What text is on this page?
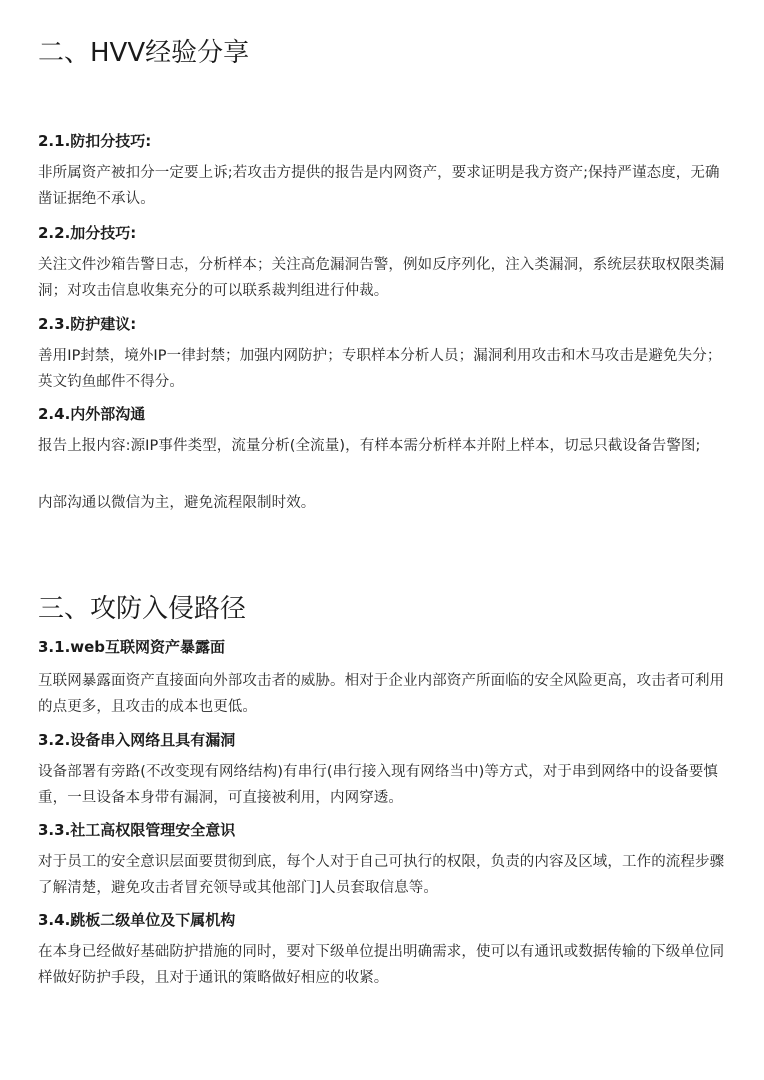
二、HVV经验分享
2.1.防扣分技巧:

非所属资产被扣分一定要上诉;若攻击方提供的报告是内网资产，要求证明是我方资产;保持严谨态度，无确凿证据绝不承认。

2.2.加分技巧:

关注文件沙箱告警日志，分析样本；关注高危漏洞告警，例如反序列化，注入类漏洞，系统层获取权限类漏洞；对攻击信息收集充分的可以联系裁判组进行仲裁。

2.3.防护建议:

善用IP封禁，境外IP一律封禁；加强内网防护；专职样本分析人员；漏洞利用攻击和木马攻击是避免失分；英文钓鱼邮件不得分。

2.4.内外部沟通

报告上报内容:源IP事件类型，流量分析(全流量)，有样本需分析样本并附上样本，切忌只截设备告警图;

内部沟通以微信为主，避免流程限制时效。

三、攻防入侵路径
3.1.web互联网资产暴露面

互联网暴露面资产直接面向外部攻击者的威胁。相对于企业内部资产所面临的安全风险更高，攻击者可利用的点更多，且攻击的成本也更低。

3.2.设备串入网络且具有漏洞

设备部署有旁路(不改变现有网络结构)有串行(串行接入现有网络当中)等方式，对于串到网络中的设备要慎重，一旦设备本身带有漏洞，可直接被利用，内网穿透。

3.3.社工高权限管理安全意识

对于员工的安全意识层面要贯彻到底，每个人对于自己可执行的权限，负责的内容及区域，工作的流程步骤了解清楚，避免攻击者冒充领导或其他部门]人员套取信息等。

3.4.跳板二级单位及下属机构

在本身已经做好基础防护措施的同时，要对下级单位提出明确需求，使可以有通讯或数据传输的下级单位同样做好防护手段，且对于通讯的策略做好相应的收紧。
